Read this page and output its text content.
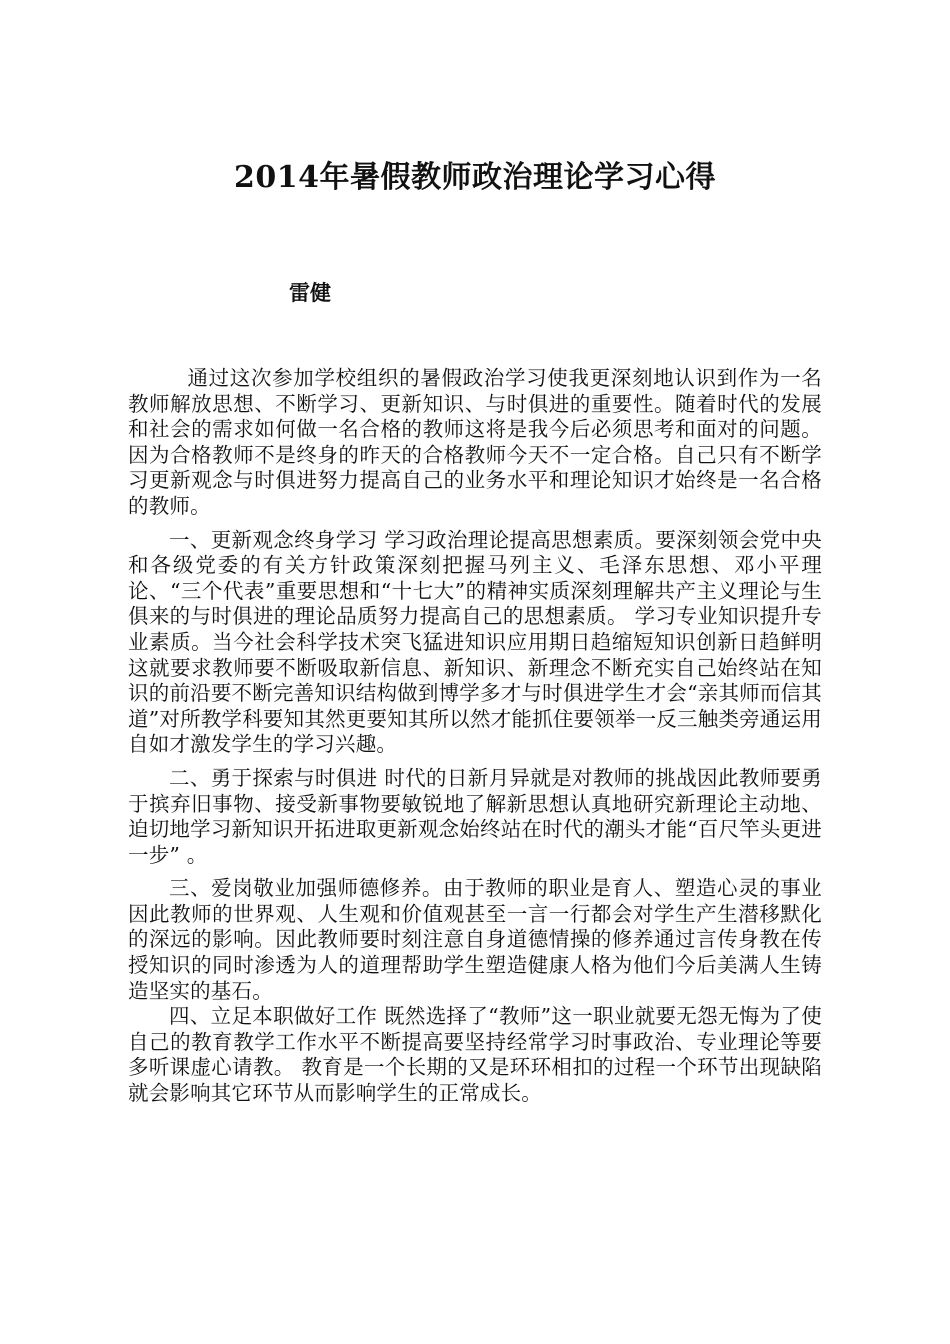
2014年暑假教师政治理论学习心得

雷健

通过这次参加学校组织的暑假政治学习使我更深刻地认识到作为一名教师解放思想、不断学习、更新知识、与时俱进的重要性。随着时代的发展和社会的需求如何做一名合格的教师这将是我今后必须思考和面对的问题。因为合格教师不是终身的昨天的合格教师今天不一定合格。自己只有不断学习更新观念与时俱进努力提高自己的业务水平和理论知识才始终是一名合格的教师。

一、更新观念终身学习 学习政治理论提高思想素质。要深刻领会党中央和各级党委的有关方针政策深刻把握马列主义、毛泽东思想、邓小平理论、“三个代表”重要思想和“十七大”的精神实质深刻理解共产主义理论与生俱来的与时俱进的理论品质努力提高自己的思想素质。 学习专业知识提升专业素质。当今社会科学技术突飞猛进知识应用期日趋缩短知识创新日趋鲜明这就要求教师要不断吸取新信息、新知识、新理念不断充实自己始终站在知识的前沿要不断完善知识结构做到博学多才与时俱进学生才会“亲其师而信其道”对所教学科要知其然更要知其所以然才能抓住要领举一反三触类旁通运用自如才激发学生的学习兴趣。

二、勇于探索与时俱进 时代的日新月异就是对教师的挑战因此教师要勇于摈弃旧事物、接受新事物要敏锐地了解新思想认真地研究新理论主动地、迫切地学习新知识开拓进取更新观念始终站在时代的潮头才能“百尺竿头更进一步” 。

三、爱岗敬业加强师德修养。由于教师的职业是育人、塑造心灵的事业因此教师的世界观、人生观和价值观甚至一言一行都会对学生产生潜移默化的深远的影响。因此教师要时刻注意自身道德情操的修养通过言传身教在传授知识的同时渗透为人的道理帮助学生塑造健康人格为他们今后美满人生铸造坚实的基石。

四、立足本职做好工作 既然选择了“教师”这一职业就要无怨无悔为了使自己的教育教学工作水平不断提高要坚持经常学习时事政治、专业理论等要多听课虚心请教。 教育是一个长期的又是环环相扣的过程一个环节出现缺陷就会影响其它环节从而影响学生的正常成长。
